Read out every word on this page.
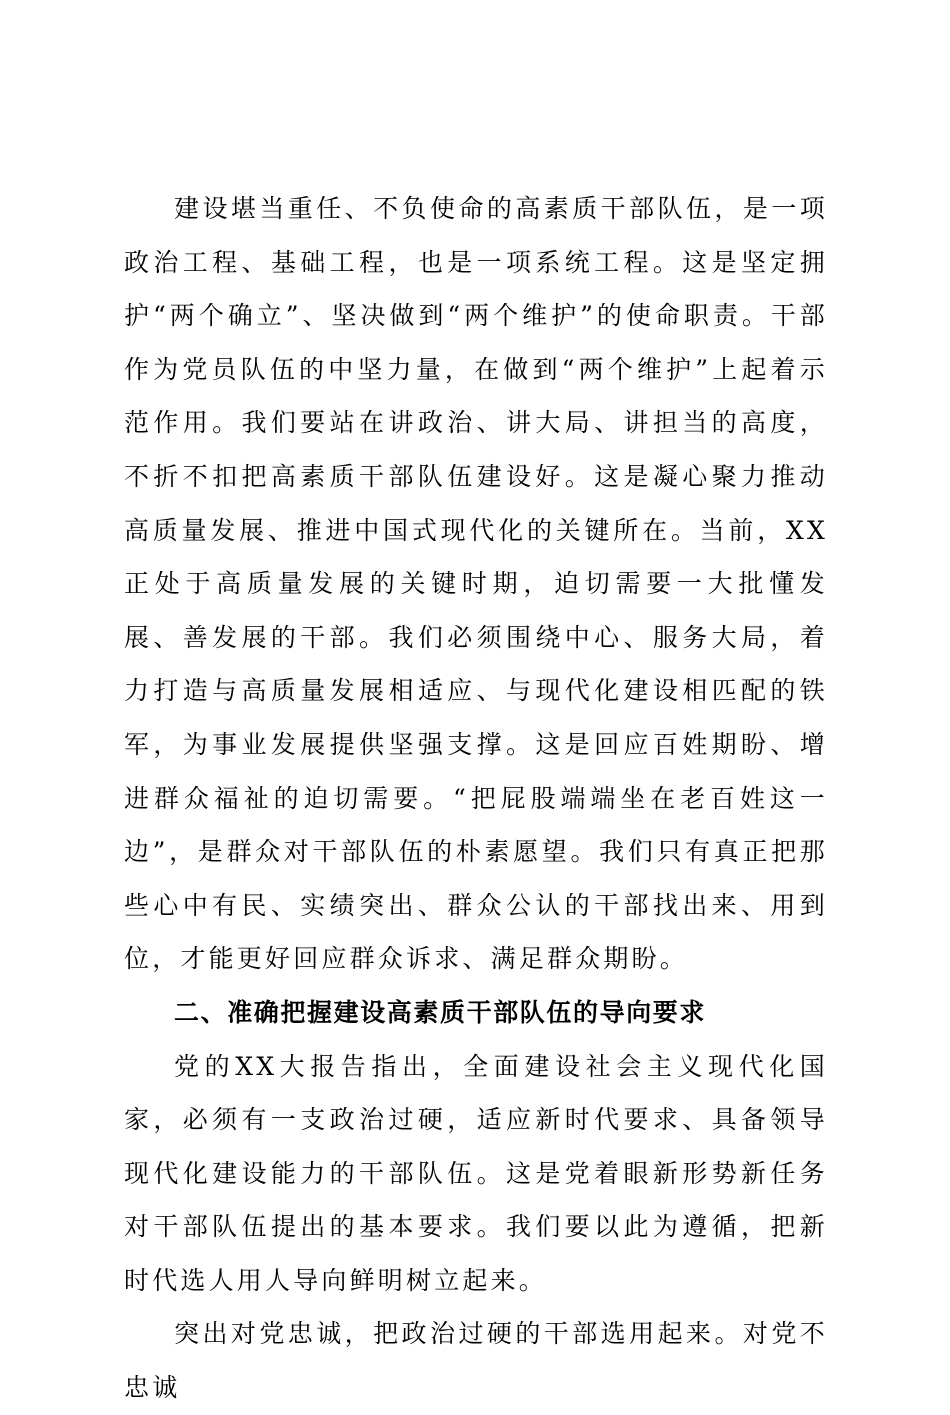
建设堪当重任、不负使命的高素质干部队伍，是一项政治工程、基础工程，也是一项系统工程。这是坚定拥护“两个确立”、坚决做到“两个维护”的使命职责。干部作为党员队伍的中坚力量，在做到“两个维护”上起着示范作用。我们要站在讲政治、讲大局、讲担当的高度，不折不扣把高素质干部队伍建设好。这是凝心聚力推动高质量发展、推进中国式现代化的关键所在。当前，XX正处于高质量发展的关键时期，迫切需要一大批懂发展、善发展的干部。我们必须围绕中心、服务大局，着力打造与高质量发展相适应、与现代化建设相匹配的铁军，为事业发展提供坚强支撑。这是回应百姓期盼、增进群众福祉的迫切需要。“把屁股端端坐在老百姓这一边”，是群众对干部队伍的朴素愿望。我们只有真正把那些心中有民、实绩突出、群众公认的干部找出来、用到位，才能更好回应群众诉求、满足群众期盼。

二、准确把握建设高素质干部队伍的导向要求

党的XX大报告指出，全面建设社会主义现代化国家，必须有一支政治过硬，适应新时代要求、具备领导现代化建设能力的干部队伍。这是党着眼新形势新任务对干部队伍提出的基本要求。我们要以此为遵循，把新时代选人用人导向鲜明树立起来。

突出对党忠诚，把政治过硬的干部选用起来。对党不忠诚
